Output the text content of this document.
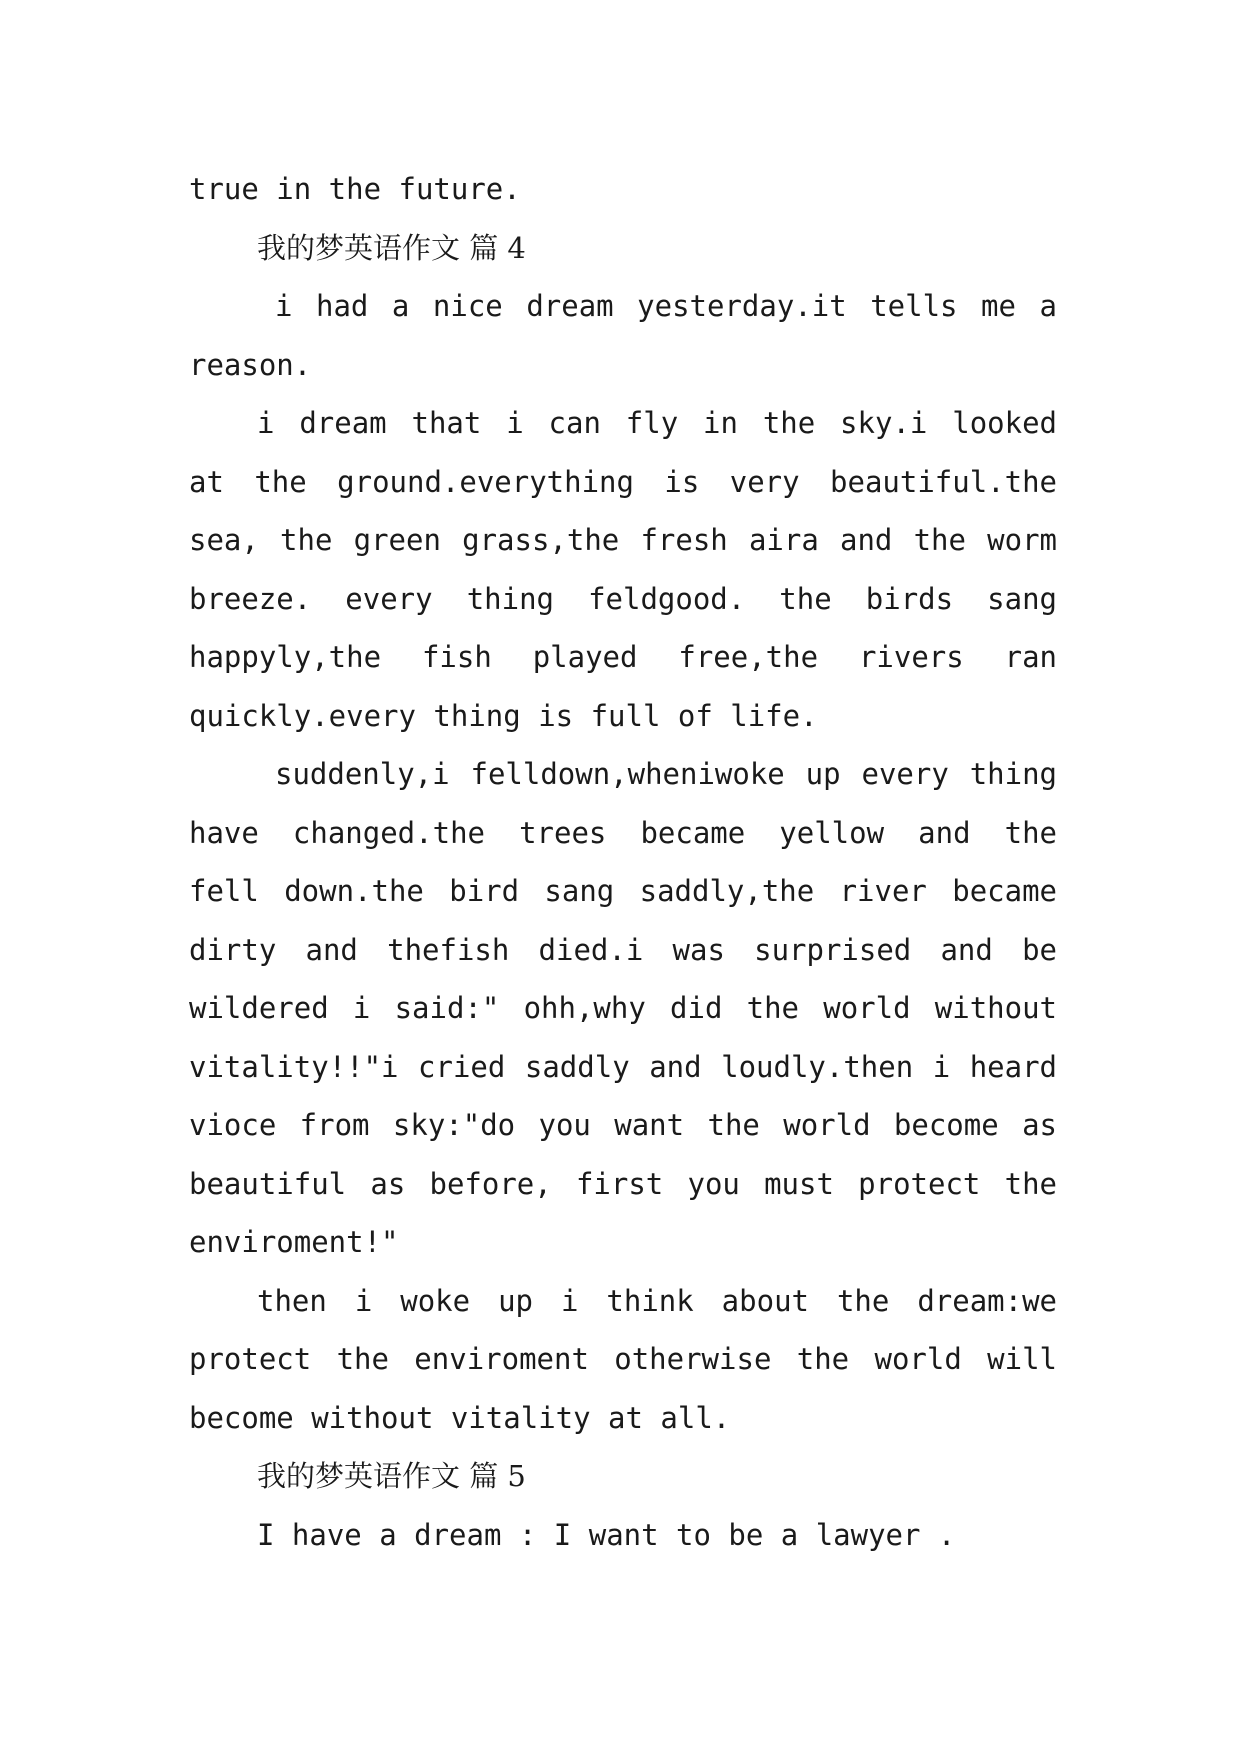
true in the future.
我的梦英语作文 篇 4
i had a nice dream yesterday.it tells me a
reason.
i dream that i can fly in the sky.i looked
at the ground.everything is very beautiful.the
sea, the green grass,the fresh aira and the worm
breeze. every thing feldgood. the birds sang
happyly,the fish played free,the rivers ran
quickly.every thing is full of life.
suddenly,i felldown,wheniwoke up every thing
have changed.the trees became yellow and the
fell down.the bird sang saddly,the river became
dirty and thefish died.i was surprised and be
wildered i said:" ohh,why did the world without
vitality!!"i cried saddly and loudly.then i heard
vioce from sky:"do you want the world become as
beautiful as before, first you must protect the
enviroment!"
then i woke up i think about the dream:we
protect the enviroment otherwise the world will
become without vitality at all.
我的梦英语作文 篇 5
I have a dream : I want to be a lawyer .
